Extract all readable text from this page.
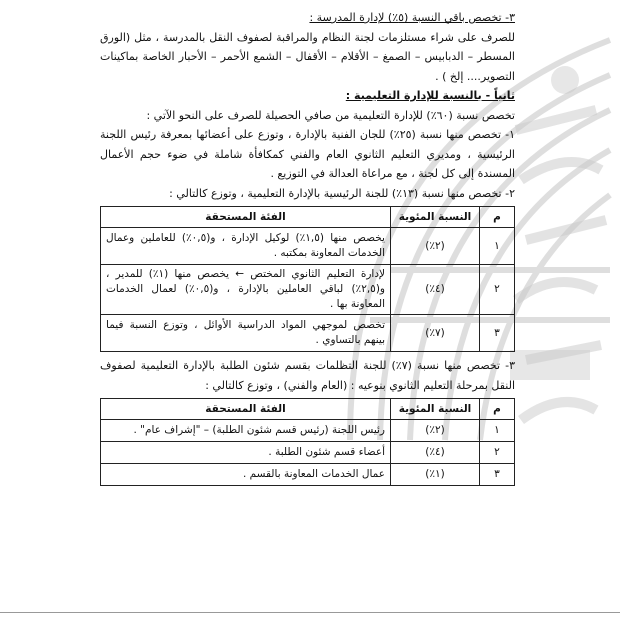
٣- تخصص باقي النسبة (٥٪) لإدارة المدرسة :

للصرف على شراء مستلزمات لجنة النظام والمراقبة لصفوف النقل بالمدرسة ، مثل (الورق المسطر – الدبابيس – الصمغ – الأقلام – الأقفال – الشمع الأحمر – الأحبار الخاصة بماكينات التصوير.... إلخ ) .

ثانياً - بالنسبة للإدارة التعليمية :

تخصص نسبة (٦٠٪) للإدارة التعليمية من صافي الحصيلة للصرف على النحو الآتي :

١- تخصص منها نسبة (٢٥٪) للجان الفنية بالإدارة ، وتوزع على أعضائها بمعرفة رئيس اللجنة الرئيسية ، ومديري التعليم الثانوي العام والفني كمكافأة شاملة في ضوء حجم الأعمال المسندة إلى كل لجنة ، مع مراعاة العدالة في التوزيع .

٢- تخصص منها نسبة (١٣٪) للجنة الرئيسية بالإدارة التعليمية ، وتوزع كالتالي :

م	النسبة المئوية	الفئة المستحقة
١	(٢٪)	يخصص منها (١,٥٪) لوكيل الإدارة ، و(٠,٥٪) للعاملين وعمال الخدمات المعاونة بمكتبه .
٢	(٤٪)	لإدارة التعليم الثانوي المختص ← يخصص منها (١٪) للمدير ، و(٢,٥٪) لباقي العاملين بالإدارة ، و(٠,٥٪) لعمال الخدمات المعاونة بها .
٣	(٧٪)	تخصص لموجهي المواد الدراسية الأوائل ، وتوزع النسبة فيما بينهم بالتساوي .

٣- تخصص منها نسبة (٧٪) للجنة التظلمات بقسم شئون الطلبة بالإدارة التعليمية لصفوف النقل بمرحلة التعليم الثانوي بنوعيه : (العام والفني) ، وتوزع كالتالي :

م	النسبة المئوية	الفئة المستحقة
١	(٢٪)	رئيس اللجنة (رئيس قسم شئون الطلبة) – "إشراف عام" .
٢	(٤٪)	أعضاء قسم شئون الطلبة .
٣	(١٪)	عمال الخدمات المعاونة بالقسم .
